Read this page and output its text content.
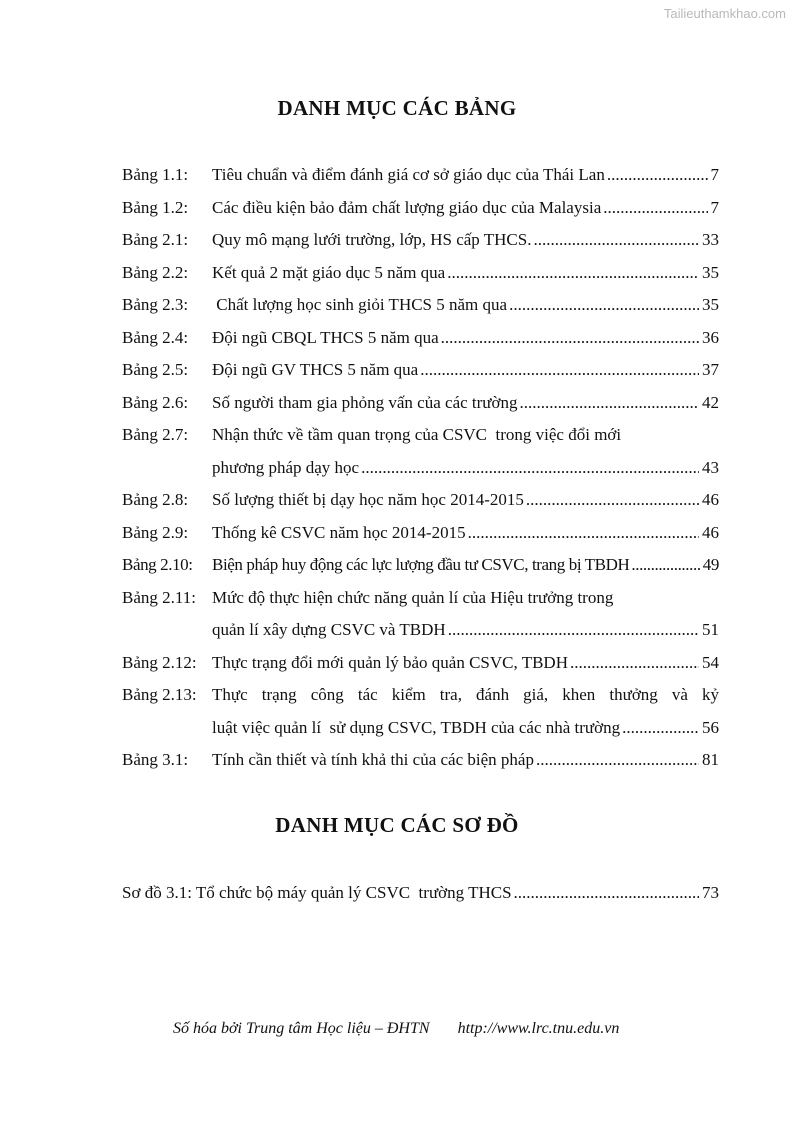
Tailieuthamkhao.com
DANH MỤC CÁC BẢNG
Bảng 1.1:	Tiêu chuẩn và điểm đánh giá cơ sở giáo dục của Thái Lan .....	7
Bảng 1.2:	Các điều kiện bảo đảm chất lượng giáo dục của Malaysia .....	7
Bảng 2.1:	Quy mô mạng lưới trường, lớp, HS cấp THCS. .....	33
Bảng 2.2:	Kết quả 2 mặt giáo dục 5 năm qua .....	35
Bảng 2.3:	Chất lượng học sinh giỏi THCS 5 năm qua .....	35
Bảng 2.4:	Đội ngũ CBQL THCS 5 năm qua .....	36
Bảng 2.5:	Đội ngũ GV THCS 5 năm qua .....	37
Bảng 2.6:	Số người tham gia phỏng vấn của các trường .....	42
Bảng 2.7:	Nhận thức về tầm quan trọng của CSVC  trong việc đổi mới
phương pháp dạy học .....	43
Bảng 2.8:	Số lượng thiết bị dạy học năm học 2014-2015 .....	46
Bảng 2.9:	Thống kê CSVC năm học 2014-2015 .....	46
Bảng 2.10:	Biện pháp huy động các lực lượng đầu tư CSVC, trang bị TBDH .....	49
Bảng 2.11: Mức độ thực hiện chức năng quản lí của Hiệu trưởng trong
quản lí xây dựng CSVC và TBDH .....	51
Bảng 2.12: Thực trạng đổi mới quản lý bảo quản CSVC, TBDH .....	54
Bảng 2.13: Thực trạng công tác kiểm tra, đánh giá, khen thưởng và kỷ
luật việc quản lí  sử dụng CSVC, TBDH của các nhà trường .....	56
Bảng 3.1:	Tính cần thiết và tính khả thi của các biện pháp .....	81
DANH MỤC CÁC SƠ ĐỒ
Sơ đồ 3.1: Tổ chức bộ máy quản lý CSVC  trường THCS .....	73
Số hóa bởi Trung tâm Học liệu – ĐHTN http://www.lrc.tnu.edu.vn
